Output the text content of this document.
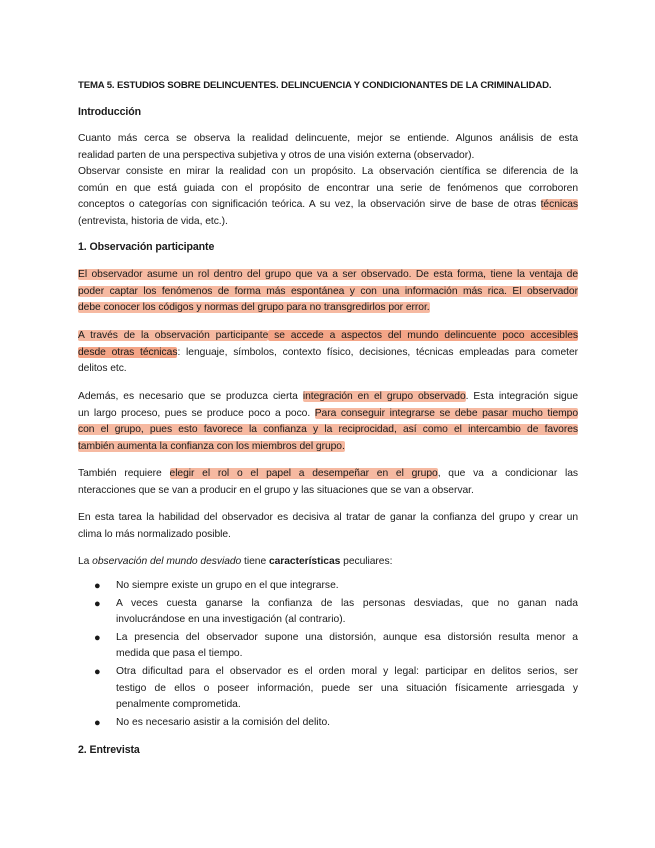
TEMA 5. ESTUDIOS SOBRE DELINCUENTES. DELINCUENCIA Y CONDICIONANTES DE LA CRIMINALIDAD.
Introducción
Cuanto más cerca se observa la realidad delincuente, mejor se entiende. Algunos análisis de esta
realidad parten de una perspectiva subjetiva y otros de una visión externa (observador).
Observar consiste en mirar la realidad con un propósito. La observación científica se diferencia de la
común en que está guiada con el propósito de encontrar una serie de fenómenos que corroboren
conceptos o categorías con significación teórica. A su vez, la observación sirve de base de otras técnicas
(entrevista, historia de vida, etc.).
1. Observación participante
El observador asume un rol dentro del grupo que va a ser observado. De esta forma, tiene la ventaja de
poder captar los fenómenos de forma más espontánea y con una información más rica. El observador
debe conocer los códigos y normas del grupo para no transgredirlos por error.
A través de la observación participante se accede a aspectos del mundo delincuente poco accesibles
desde otras técnicas: lenguaje, símbolos, contexto físico, decisiones, técnicas empleadas para cometer
delitos etc.
Además, es necesario que se produzca cierta integración en el grupo observado. Esta integración sigue
un largo proceso, pues se produce poco a poco. Para conseguir integrarse se debe pasar mucho tiempo
con el grupo, pues esto favorece la confianza y la reciprocidad, así como el intercambio de favores
también aumenta la confianza con los miembros del grupo.
También requiere elegir el rol o el papel a desempeñar en el grupo, que va a condicionar las
nteracciones que se van a producir en el grupo y las situaciones que se van a observar.
En esta tarea la habilidad del observador es decisiva al tratar de ganar la confianza del grupo y crear un
clima lo más normalizado posible.
La observación del mundo desviado tiene características peculiares:
● No siempre existe un grupo en el que integrarse.
● A veces cuesta ganarse la confianza de las personas desviadas, que no ganan nada
involucrándose en una investigación (al contrario).
● La presencia del observador supone una distorsión, aunque esa distorsión resulta menor a
medida que pasa el tiempo.
● Otra dificultad para el observador es el orden moral y legal: participar en delitos serios, ser
testigo de ellos o poseer información, puede ser una situación físicamente arriesgada y
penalmente comprometida.
● No es necesario asistir a la comisión del delito.
2. Entrevista
